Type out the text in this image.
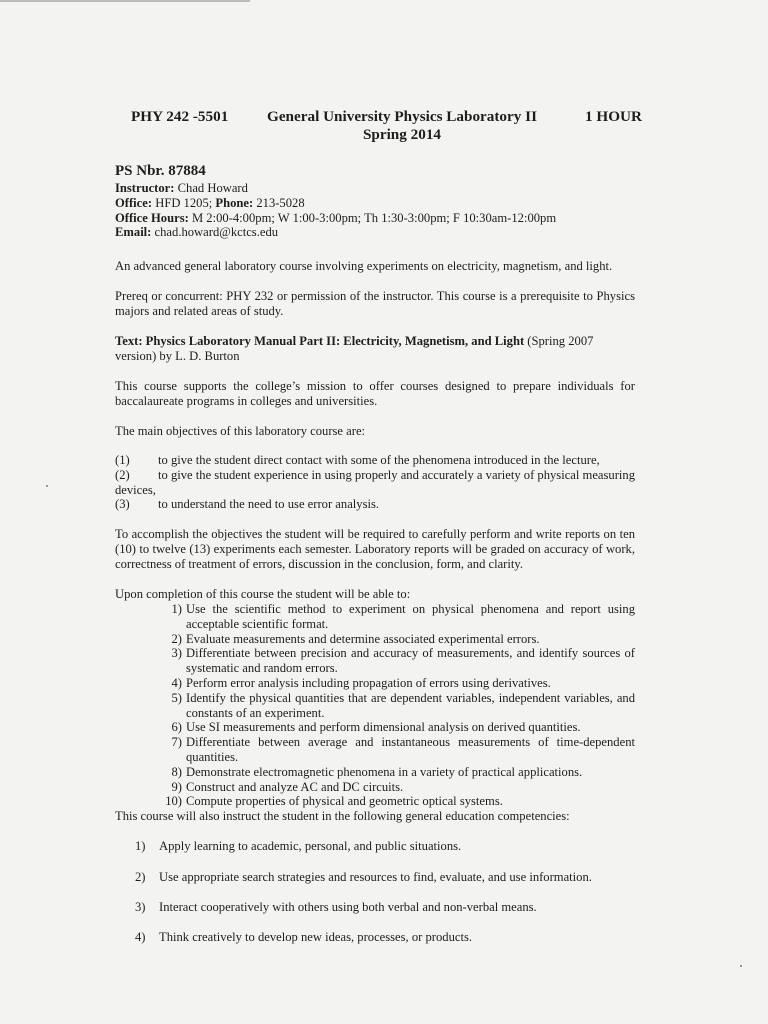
PHY 242 -5501	General University Physics Laboratory II
Spring 2014
1 HOUR
PS Nbr. 87884
Instructor: Chad Howard
Office: HFD 1205; Phone: 213-5028
Office Hours: M 2:00-4:00pm; W 1:00-3:00pm; Th 1:30-3:00pm; F 10:30am-12:00pm
Email: chad.howard@kctcs.edu

An advanced general laboratory course involving experiments on electricity, magnetism, and light.

Prereq or concurrent: PHY 232 or permission of the instructor. This course is a prerequisite to Physics majors and related areas of study.

Text: Physics Laboratory Manual Part II: Electricity, Magnetism, and Light (Spring 2007 version) by L. D. Burton

This course supports the college’s mission to offer courses designed to prepare individuals for baccalaureate programs in colleges and universities.

The main objectives of this laboratory course are:

(1)	to give the student direct contact with some of the phenomena introduced in the lecture,
(2)	to give the student experience in using properly and accurately a variety of physical measuring
devices,
(3)	to understand the need to use error analysis.

To accomplish the objectives the student will be required to carefully perform and write reports on ten (10) to twelve (13) experiments each semester. Laboratory reports will be graded on accuracy of work, correctness of treatment of errors, discussion in the conclusion, form, and clarity.

Upon completion of this course the student will be able to:

1) Use the scientific method to experiment on physical phenomena and report using acceptable scientific format.
2) Evaluate measurements and determine associated experimental errors.
3) Differentiate between precision and accuracy of measurements, and identify sources of systematic and random errors.
4) Perform error analysis including propagation of errors using derivatives.
5) Identify the physical quantities that are dependent variables, independent variables, and constants of an experiment.
6) Use SI measurements and perform dimensional analysis on derived quantities.
7) Differentiate between average and instantaneous measurements of time-dependent quantities.
8) Demonstrate electromagnetic phenomena in a variety of practical applications.
9) Construct and analyze AC and DC circuits.
10) Compute properties of physical and geometric optical systems.

This course will also instruct the student in the following general education competencies:

1) Apply learning to academic, personal, and public situations.
2) Use appropriate search strategies and resources to find, evaluate, and use information.
3) Interact cooperatively with others using both verbal and non-verbal means.
4) Think creatively to develop new ideas, processes, or products.
